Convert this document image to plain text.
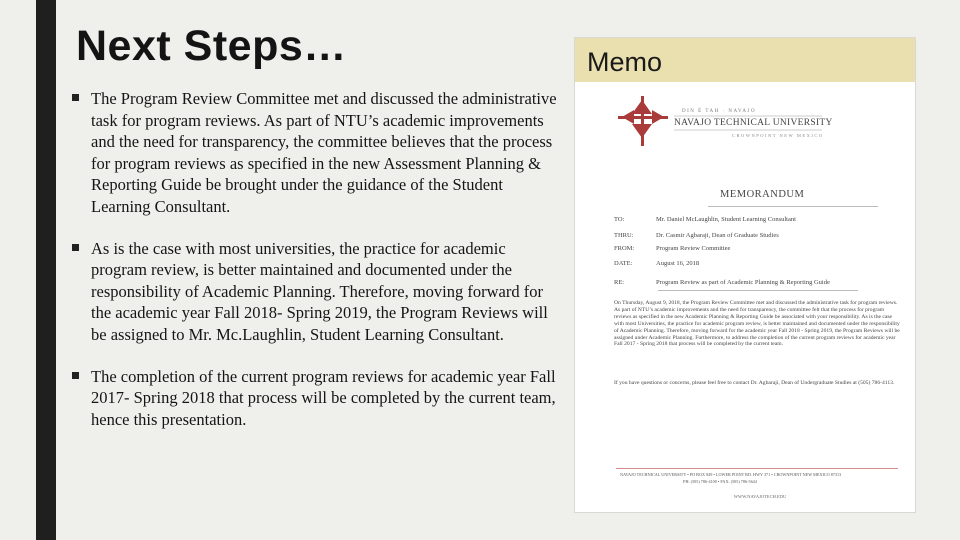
Next Steps…
The Program Review Committee met and discussed the administrative task for program reviews. As part of NTU’s academic improvements and the need for transparency, the committee believes that the process for program reviews as specified in the new Assessment Planning & Reporting Guide be brought under the guidance of the Student Learning Consultant.
As is the case with most universities, the practice for academic program review, is better maintained and documented under the responsibility of Academic Planning. Therefore, moving forward for the academic year Fall 2018- Spring 2019, the Program Reviews will be assigned to Mr. Mc.Laughlin, Student Learning Consultant.
The completion of the current program reviews for academic year Fall 2017- Spring 2018 that process will be completed by the current team, hence this presentation.
Memo
DIN É TAH · NAVAJO
NAVAJO TECHNICAL UNIVERSITY
CROWNPOINT NEW MEXICO
MEMORANDUM
TO:	Mr. Daniel McLaughlin, Student Learning Consultant
THRU:	Dr. Casmir Agbaraji, Dean of Graduate Studies
FROM:	Program Review Committee
DATE:	August 16, 2018
RE:	Program Review as part of Academic Planning & Reporting Guide
On Thursday, August 9, 2018, the Program Review Committee met and discussed the administrative task for program reviews. As part of NTU’s academic improvements and the need for transparency, the committee felt that the process for program reviews as specified in the new Academic Planning & Reporting Guide be associated with your responsibility. As is the case with most Universities, the practice for academic program review, is better maintained and documented under the responsibility of Academic Planning. Therefore, moving forward for the academic year Fall 2018 - Spring 2019, the Program Reviews will be assigned under Academic Planning. Furthermore, to address the completion of the current program reviews for academic year Fall 2017 - Spring 2018 that process will be completed by the current team.
If you have questions or concerns, please feel free to contact Dr. Agbaraji, Dean of Undergraduate Studies at (505) 786-4113.
NAVAJO TECHNICAL UNIVERSITY • PO BOX 849 • LOWER POINT RD. HWY 371 • CROWNPOINT NEW MEXICO 87313
PH: (505) 786-4100 • FAX: (505) 786-5644
WWW.NAVAJOTECH.EDU
